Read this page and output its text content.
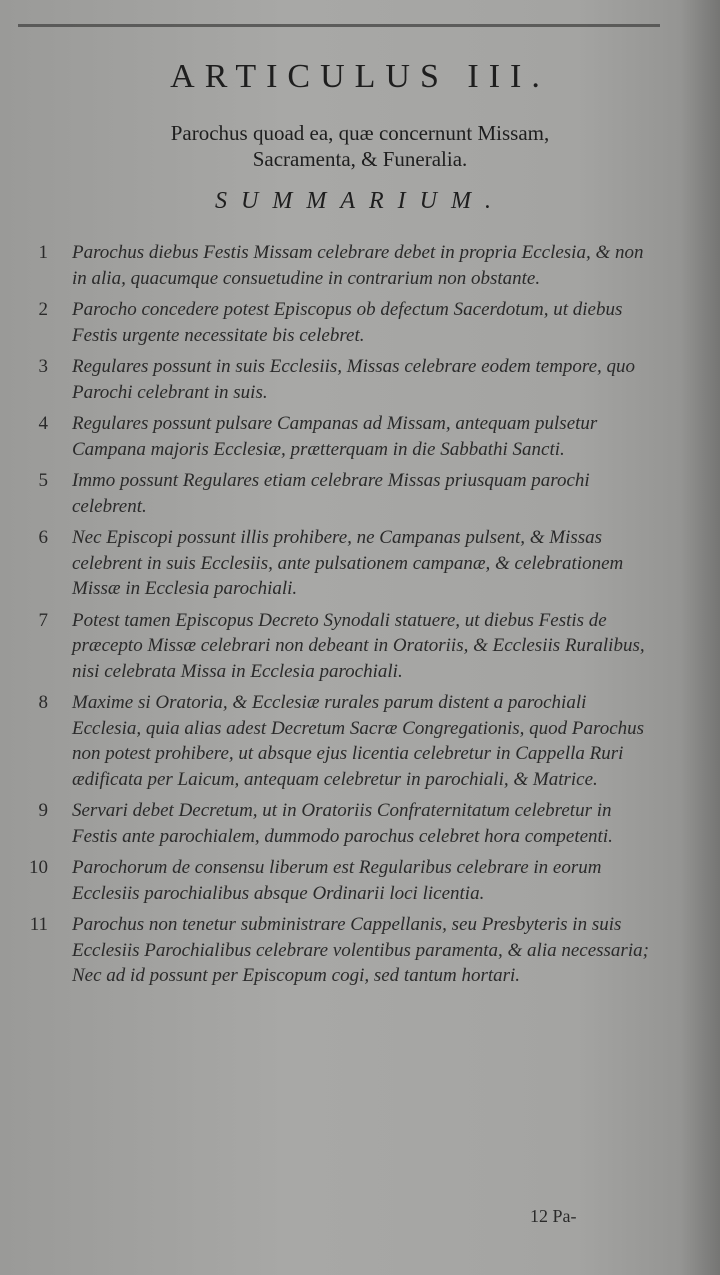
ARTICULUS III.
Parochus quoad ea, quæ concernunt Missam,
Sacramenta, & Funeralia.
SUMMARIUM.
1 Parochus diebus Festis Missam celebrare debet in propria Ecclesia, & non in alia, quacumque consuetudine in contrarium non obstante.
2 Parocho concedere potest Episcopus ob defectum Sacerdotum, ut diebus Festis urgente necessitate bis celebret.
3 Regulares possunt in suis Ecclesiis, Missas celebrare eodem tempore, quo Parochi celebrant in suis.
4 Regulares possunt pulsare Campanas ad Missam, antequam pulsetur Campana majoris Ecclesiæ, prætterquam in die Sabbathi Sancti.
5 Immo possunt Regulares etiam celebrare Missas priusquam parochi celebrent.
6 Nec Episcopi possunt illis prohibere, ne Campanas pulsent, & Missas celebrent in suis Ecclesiis, ante pulsationem campanæ, & celebrationem Missæ in Ecclesia parochiali.
7 Potest tamen Episcopus Decreto Synodali statuere, ut diebus Festis de præcepto Missæ celebrari non debeant in Oratoriis, & Ecclesiis Ruralibus, nisi celebrata Missa in Ecclesia parochiali.
8 Maxime si Oratoria, & Ecclesiæ rurales parum distent a parochiali Ecclesia, quia alias adest Decretum Sacræ Congregationis, quod Parochus non potest prohibere, ut absque ejus licentia celebretur in Cappella Ruri ædificata per Laicum, antequam celebretur in parochiali, & Matrice.
9 Servari debet Decretum, ut in Oratoriis Confraternitatum celebretur in Festis ante parochialem, dummodo parochus celebret hora competenti.
10 Parochorum de consensu liberum est Regularibus celebrare in eorum Ecclesiis parochialibus absque Ordinarii loci licentia.
11 Parochus non tenetur subministrare Cappellanis, seu Presbyteris in suis Ecclesiis Parochialibus celebrare volentibus paramenta, & alia necessaria; Nec ad id possunt per Episcopum cogi, sed tantum hortari.
12 Pa-
